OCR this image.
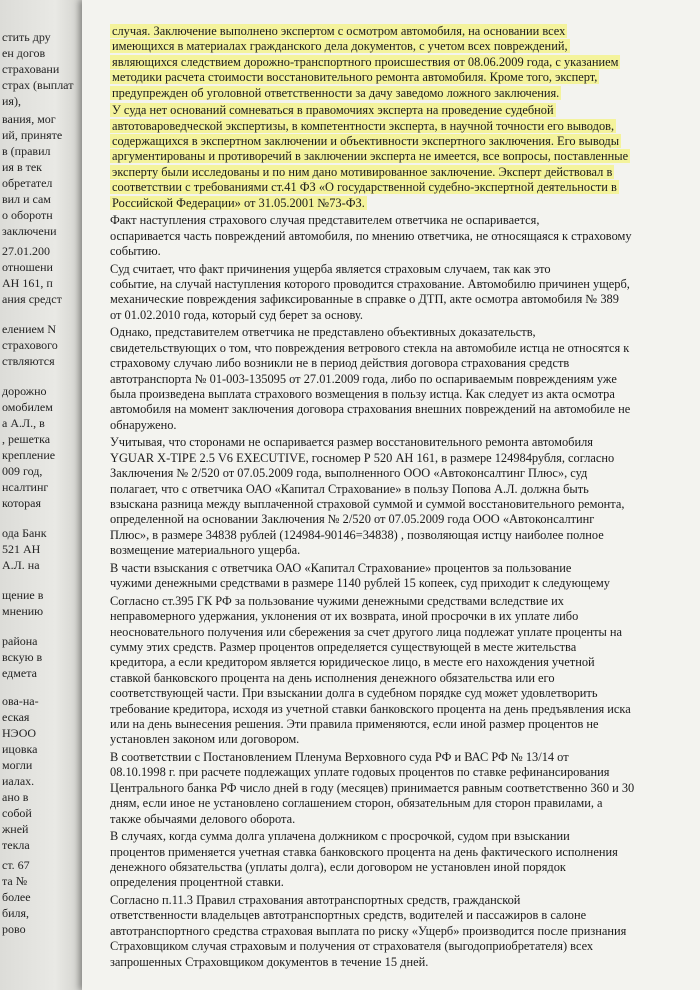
стить дру
ен догов
страховани
страх (выплат
ия),
вания, мог
ий, приняте
в (правил
ия в тек
обретател
вил и сам
о оборотн
заключени
27.01.200
отношени
АН 161, п
ания средст
елением N
страхового
ствляются
дорожно
омобилем
а А.Л., в
, решетка
крепление
009 год,
нсалтинг
которая
ода Банк
521 АН
А.Л. на
щение в
мнению
района
вскую в
едмета
ова-на-
еская
НЭОО
ицовка
могли
иалах.
ано в
собой
жней
текла
ст. 67
та №
более
биля,
рово
случая. Заключение выполнено экспертом с осмотром автомобиля, на основании всех
имеющихся в материалах гражданского дела документов, с учетом всех повреждений,
являющихся следствием дорожно-транспортного происшествия от 08.06.2009 года, с указанием
методики расчета стоимости восстановительного ремонта автомобиля. Кроме того, эксперт,
предупрежден об уголовной ответственности за дачу заведомо ложного заключения.
У суда нет оснований сомневаться в правомочиях эксперта на проведение судебной
автотовароведческой экспертизы, в компетентности эксперта, в научной точности его выводов,
содержащихся в экспертном заключении и объективности экспертного заключения. Его выводы
аргументированы и противоречий в заключении эксперта не имеется, все вопросы, поставленные
эксперту были исследованы и по ним дано мотивированное заключение. Эксперт действовал в
соответствии с требованиями ст.41 ФЗ «О государственной судебно-экспертной деятельности в
Российской Федерации» от 31.05.2001 №73-ФЗ.
Факт наступления страхового случая представителем ответчика не оспаривается,
оспаривается часть повреждений автомобиля, по мнению ответчика, не относящаяся к страховому
событию.
Суд считает, что факт причинения ущерба является страховым случаем, так как это
событие, на случай наступления которого проводится страхование. Автомобилю причинен ущерб,
механические повреждения зафиксированные в справке о ДТП, акте осмотра автомобиля № 389
от 01.02.2010 года, который суд берет за основу.
Однако, представителем ответчика не представлено объективных доказательств,
свидетельствующих о том, что повреждения ветрового стекла на автомобиле истца не относятся к
страховому случаю либо возникли не в период действия договора страхования средств
автотранспорта № 01-003-135095 от 27.01.2009 года, либо по оспариваемым повреждениям уже
была произведена выплата страхового возмещения в пользу истца. Как следует из акта осмотра
автомобиля на момент заключения договора страхования внешних повреждений на автомобиле не
обнаружено.
Учитывая, что сторонами не оспаривается размер восстановительного ремонта автомобиля
YGUAR X-TIPE 2.5 V6 EXECUTIVE, госномер Р 520 АН 161, в размере 124984рубля, согласно
Заключения № 2/520 от 07.05.2009 года, выполненного ООО «Автоконсалтинг Плюс», суд
полагает, что с ответчика ОАО «Капитал Страхование» в пользу Попова А.Л. должна быть
взыскана разница между выплаченной страховой суммой и суммой восстановительного ремонта,
определенной на основании Заключения № 2/520 от 07.05.2009 года ООО «Автоконсалтинг
Плюс», в размере 34838 рублей (124984-90146=34838) , позволяющая истцу наиболее полное
возмещение материального ущерба.
В части взыскания с ответчика ОАО «Капитал Страхование» процентов за пользование
чужими денежными средствами в размере 1140 рублей 15 копеек, суд приходит к следующему
Согласно ст.395 ГК РФ за пользование чужими денежными средствами вследствие их
неправомерного удержания, уклонения от их возврата, иной просрочки в их уплате либо
неосновательного получения или сбережения за счет другого лица подлежат уплате проценты на
сумму этих средств. Размер процентов определяется существующей в месте жительства
кредитора, а если кредитором является юридическое лицо, в месте его нахождения учетной
ставкой банковского процента на день исполнения денежного обязательства или его
соответствующей части. При взыскании долга в судебном порядке суд может удовлетворить
требование кредитора, исходя из учетной ставки банковского процента на день предъявления иска
или на день вынесения решения. Эти правила применяются, если иной размер процентов не
установлен законом или договором.
В соответствии с Постановлением Пленума Верховного суда РФ и ВАС РФ № 13/14 от
08.10.1998 г. при расчете подлежащих уплате годовых процентов по ставке рефинансирования
Центрального банка РФ число дней в году (месяцев) принимается равным соответственно 360 и 30
дням, если иное не установлено соглашением сторон, обязательным для сторон правилами, а
также обычаями делового оборота.
В случаях, когда сумма долга уплачена должником с просрочкой, судом при взыскании
процентов применяется учетная ставка банковского процента на день фактического исполнения
денежного обязательства (уплаты долга), если договором не установлен иной порядок
определения процентной ставки.
Согласно п.11.3 Правил страхования автотранспортных средств, гражданской
ответственности владельцев автотранспортных средств, водителей и пассажиров в салоне
автотранспортного средства страховая выплата по риску «Ущерб» производится после признания
Страховщиком случая страховым и получения от страхователя (выгодоприобретателя) всех
запрошенных Страховщиком документов в течение 15 дней.
